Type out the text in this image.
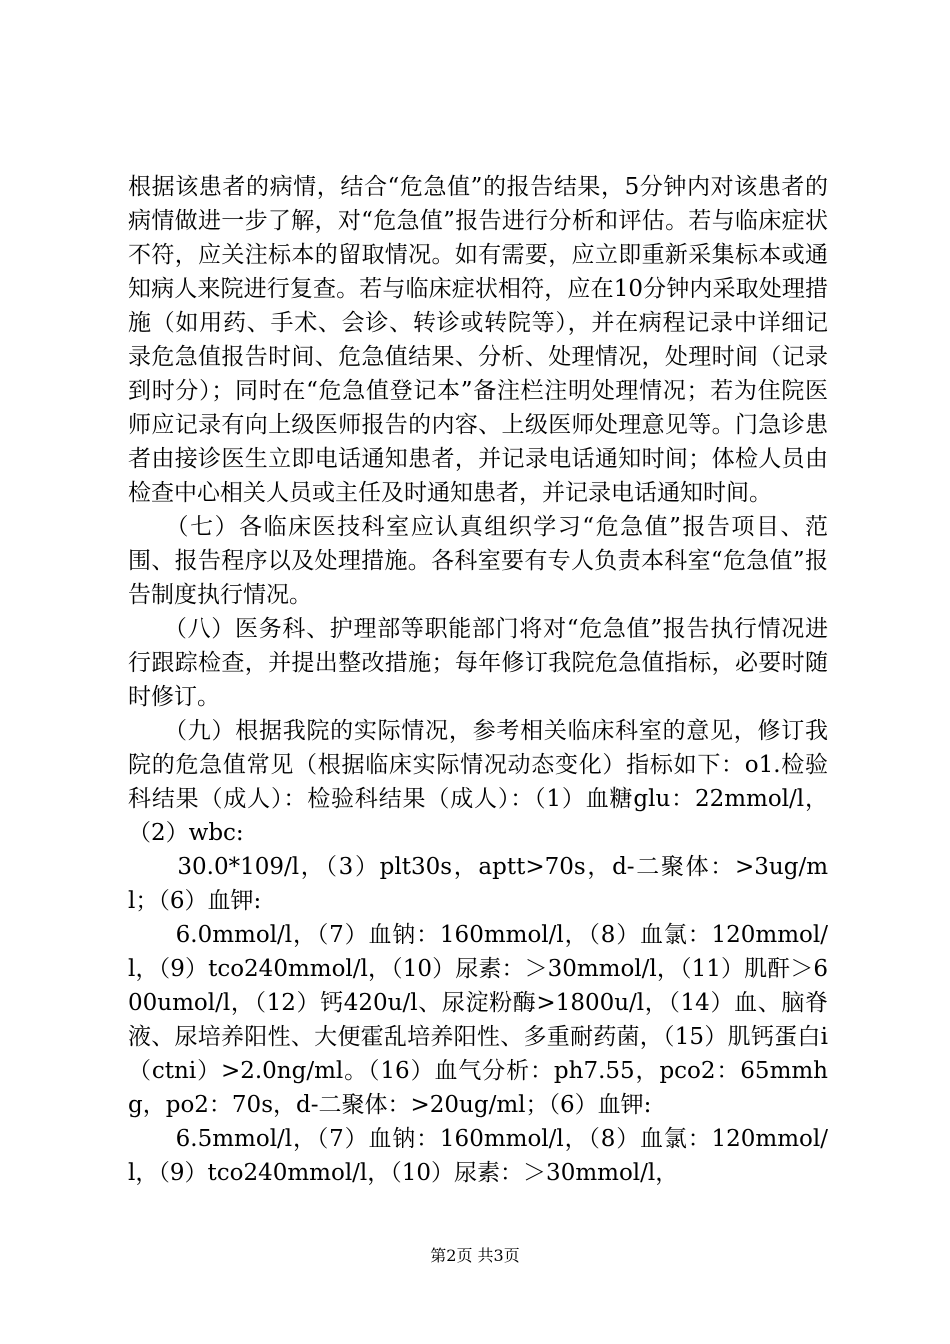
根据该患者的病情，结合“危急值”的报告结果，5分钟内对该患者的病情做进一步了解，对“危急值”报告进行分析和评估。若与临床症状不符，应关注标本的留取情况。如有需要，应立即重新采集标本或通知病人来院进行复查。若与临床症状相符，应在10分钟内采取处理措施（如用药、手术、会诊、转诊或转院等），并在病程记录中详细记录危急值报告时间、危急值结果、分析、处理情况，处理时间（记录到时分）；同时在“危急值登记本”备注栏注明处理情况；若为住院医师应记录有向上级医师报告的内容、上级医师处理意见等。门急诊患者由接诊医生立即电话通知患者，并记录电话通知时间；体检人员由检查中心相关人员或主任及时通知患者，并记录电话通知时间。

　　（七）各临床医技科室应认真组织学习“危急值”报告项目、范围、报告程序以及处理措施。各科室要有专人负责本科室“危急值”报告制度执行情况。

　　（八）医务科、护理部等职能部门将对“危急值”报告执行情况进行跟踪检查，并提出整改措施；每年修订我院危急值指标，必要时随时修订。

　　（九）根据我院的实际情况，参考相关临床科室的意见，修订我院的危急值常见（根据临床实际情况动态变化）指标如下：o1.检验科结果（成人）：检验科结果（成人）：（1）血糖glu：22mmol/l，（2）wbc:

　　30.0*109/l，（3）plt30s，aptt>70s，d-二聚体：>3ug/ml；（6）血钾:

　　6.0mmol/l，（7）血钠：160mmol/l，（8）血氯：120mmol/l，（9）tco240mmol/l，（10）尿素：＞30mmol/l，（11）肌酐＞600umol/l，（12）钙420u/l、尿淀粉酶>1800u/l，（14）血、脑脊液、尿培养阳性、大便霍乱培养阳性、多重耐药菌，（15）肌钙蛋白i（ctni）>2.0ng/ml。（16）血气分析：ph7.55，pco2：65mmhg，po2：70s，d-二聚体：>20ug/ml；（6）血钾:

　　6.5mmol/l，（7）血钠：160mmol/l，（8）血氯：120mmol/l，（9）tco240mmol/l，（10）尿素：＞30mmol/l，

第2页 共3页
